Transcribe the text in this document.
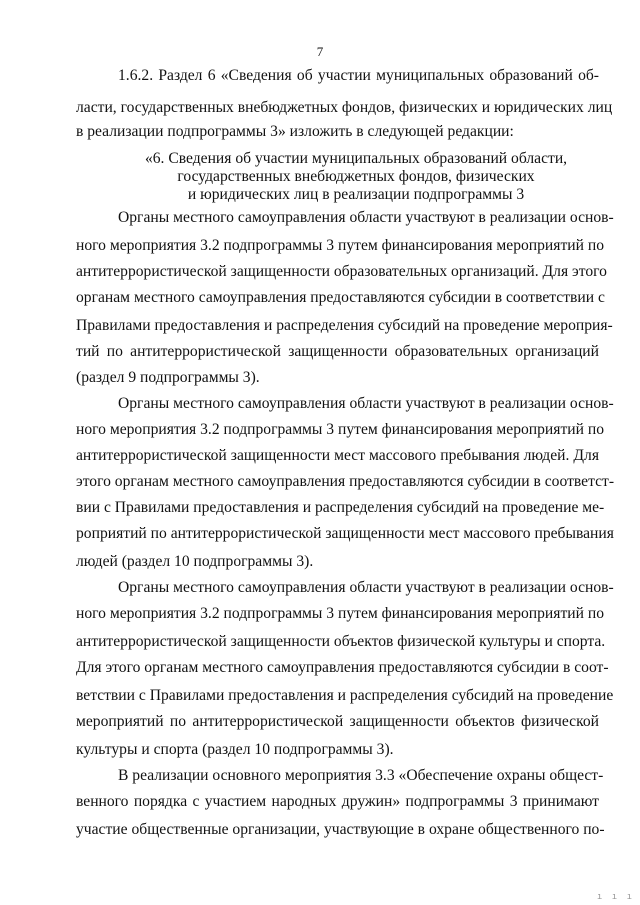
7
1.6.2. Раздел 6 «Сведения об участии муниципальных образований об-
ласти, государственных внебюджетных фондов, физических и юридических лиц
в реализации подпрограммы 3» изложить в следующей редакции:
«6. Сведения об участии муниципальных образований области,
государственных внебюджетных фондов, физических
и юридических лиц в реализации подпрограммы 3
Органы местного самоуправления области участвуют в реализации основ-
ного мероприятия 3.2 подпрограммы 3 путем финансирования мероприятий по
антитеррористической защищенности образовательных организаций. Для этого
органам местного самоуправления предоставляются субсидии в соответствии с
Правилами предоставления и распределения субсидий на проведение мероприя-
тий по антитеррористической защищенности образовательных организаций
(раздел 9 подпрограммы 3).
Органы местного самоуправления области участвуют в реализации основ-
ного мероприятия 3.2 подпрограммы 3 путем финансирования мероприятий по
антитеррористической защищенности мест массового пребывания людей. Для
этого органам местного самоуправления предоставляются субсидии в соответст-
вии с Правилами предоставления и распределения субсидий на проведение ме-
роприятий по антитеррористической защищенности мест массового пребывания
людей (раздел 10 подпрограммы 3).
Органы местного самоуправления области участвуют в реализации основ-
ного мероприятия 3.2 подпрограммы 3 путем финансирования мероприятий по
антитеррористической защищенности объектов физической культуры и спорта.
Для этого органам местного самоуправления предоставляются субсидии в соот-
ветствии с Правилами предоставления и распределения субсидий на проведение
мероприятий по антитеррористической защищенности объектов физической
культуры и спорта (раздел 10 подпрограммы 3).
В реализации основного мероприятия 3.3 «Обеспечение охраны общест-
венного порядка с участием народных дружин» подпрограммы 3 принимают
участие общественные организации, участвующие в охране общественного по-
ı ı ı
